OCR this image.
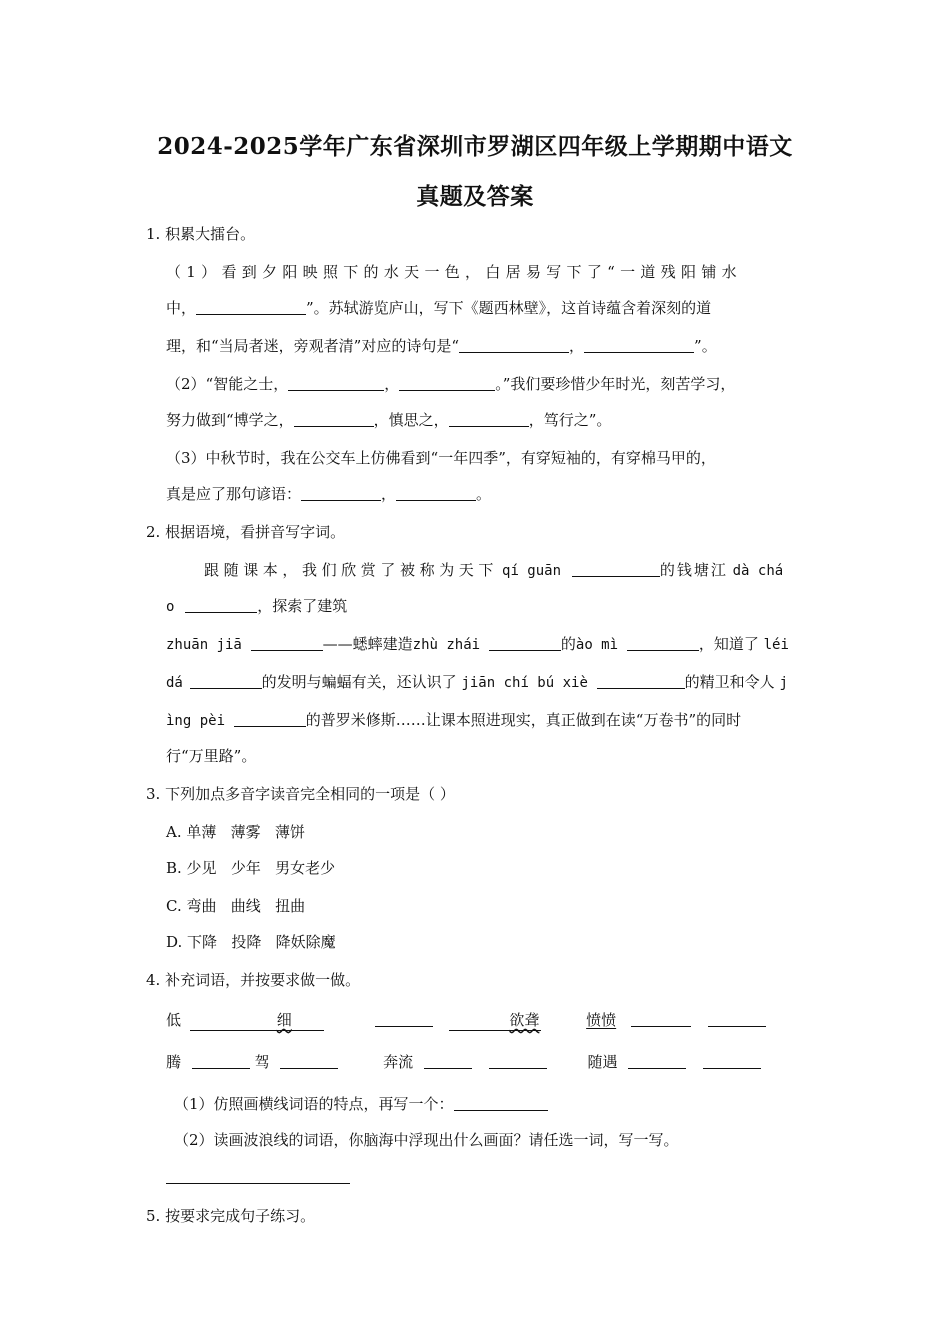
2024-2025学年广东省深圳市罗湖区四年级上学期期中语文
真题及答案
1. 积累大擂台。
（1）看到夕阳映照下的水天一色，白居易写下了“一道残阳铺水
中，	”。苏轼游览庐山，写下《题西林壁》，这首诗蕴含着深刻的道
理，和“当局者迷，旁观者清”对应的诗句是“	，	”。
（2）“智能之士，	，	。”我们要珍惜少年时光，刻苦学习，
努力做到“博学之，	，慎思之，	，笃行之”。
（3）中秋节时，我在公交车上仿佛看到“一年四季”，有穿短袖的，有穿棉马甲的，
真是应了那句谚语：	，	。
2. 根据语境，看拼音写字词。
跟随课本，我们欣赏了被称为天下 qí guān	的钱塘江 dà chá
o	，探索了建筑
zhuān jiā	——蟋蟀建造zhù zhái	的ào mì	，知道了 léi
dá	的发明与蝙蝠有关，还认识了 jiān chí bú xiè	的精卫和令人 j
ìng pèi	的普罗米修斯……让课本照进现实，真正做到在读“万卷书”的同时
行“万里路”。
3. 下列加点多音字读音完全相同的一项是（ ）
A. 单薄   薄雾   薄饼
B. 少见   少年   男女老少
C. 弯曲   曲线   扭曲
D. 下降   投降   降妖除魔
4. 补充词语，并按要求做一做。
低	细	欲聋	愤愤
腾	驾	奔流	随遇
（1）仿照画横线词语的特点，再写一个：
（2）读画波浪线的词语，你脑海中浮现出什么画面？请任选一词，写一写。
5. 按要求完成句子练习。
